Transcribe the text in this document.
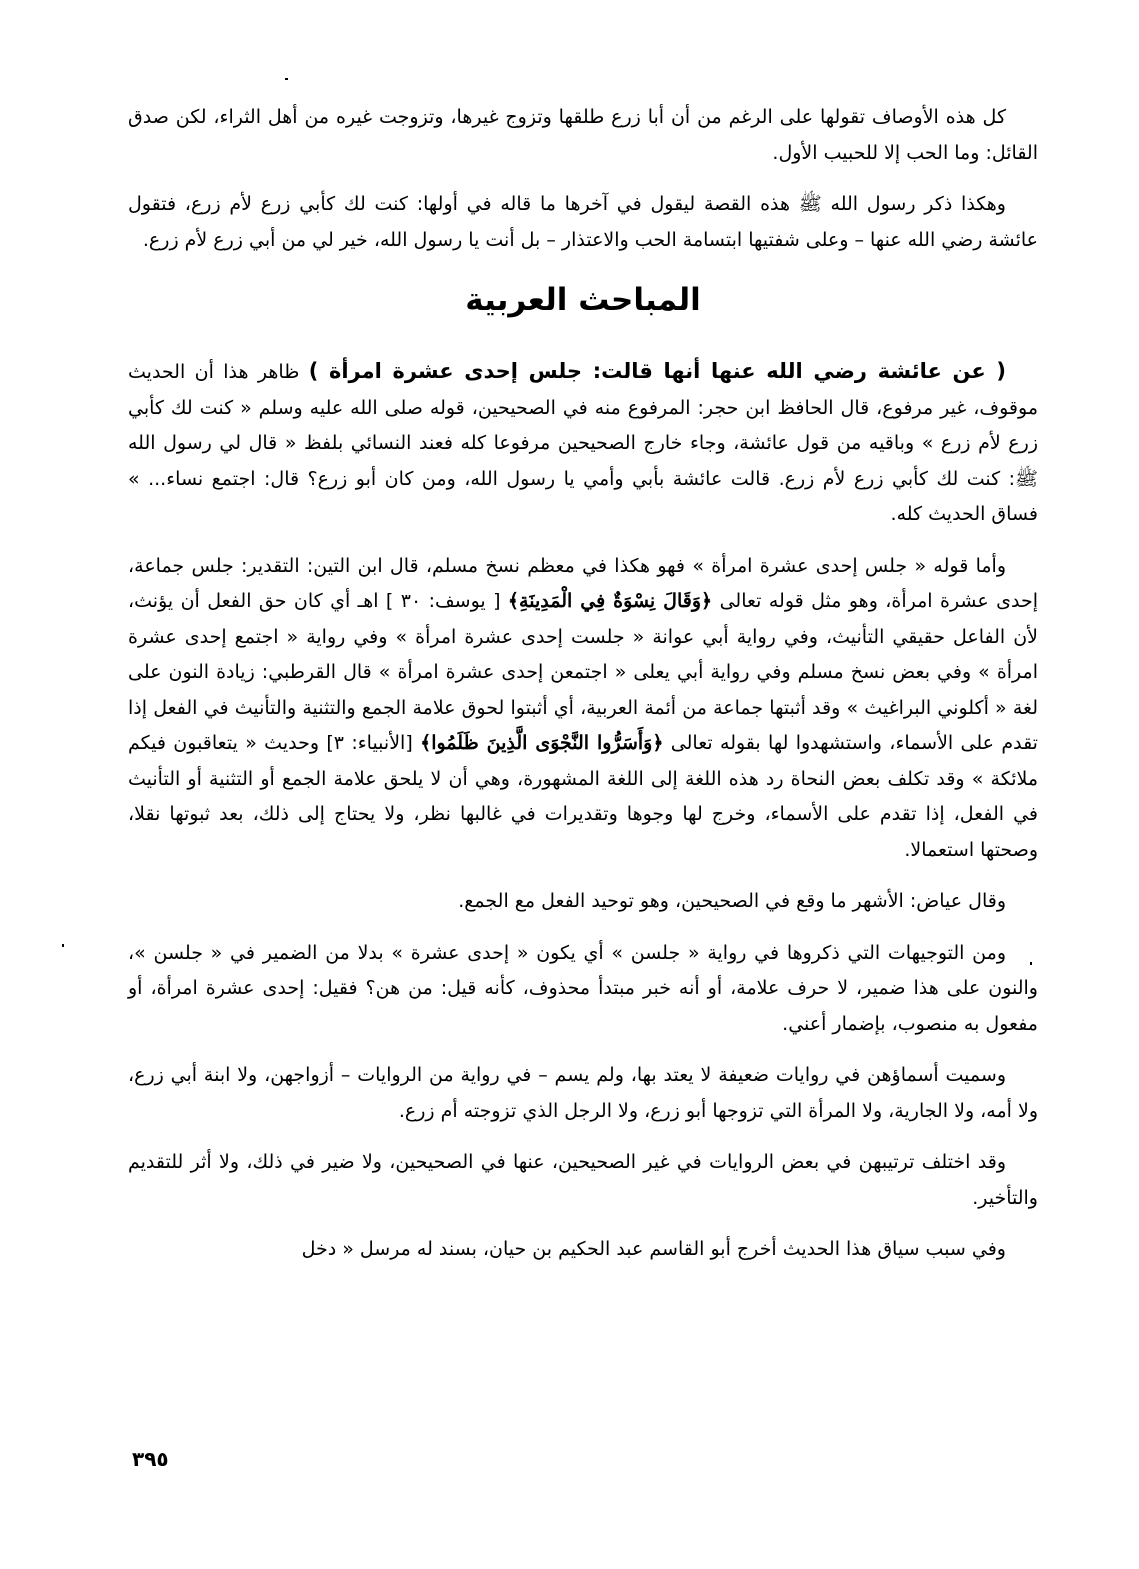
كل هذه الأوصاف تقولها على الرغم من أن أبا زرع طلقها وتزوج غيرها، وتزوجت غيره من أهل الثراء، لكن صدق القائل: وما الحب إلا للحبيب الأول.

وهكذا ذكر رسول الله ﷺ هذه القصة ليقول في آخرها ما قاله في أولها: كنت لك كأبي زرع لأم زرع، فتقول عائشة رضي الله عنها – وعلى شفتيها ابتسامة الحب والاعتذار – بل أنت يا رسول الله، خير لي من أبي زرع لأم زرع.

المباحث العربية

( عن عائشة رضي الله عنها أنها قالت: جلس إحدى عشرة امرأة ) ظاهر هذا أن الحديث موقوف، غير مرفوع، قال الحافظ ابن حجر: المرفوع منه في الصحيحين، قوله صلى الله عليه وسلم « كنت لك كأبي زرع لأم زرع » وباقيه من قول عائشة، وجاء خارج الصحيحين مرفوعا كله فعند النسائي بلفظ « قال لي رسول الله ﷺ: كنت لك كأبي زرع لأم زرع. قالت عائشة بأبي وأمي يا رسول الله، ومن كان أبو زرع؟ قال: اجتمع نساء... » فساق الحديث كله.

وأما قوله « جلس إحدى عشرة امرأة » فهو هكذا في معظم نسخ مسلم، قال ابن التين: التقدير: جلس جماعة، إحدى عشرة امرأة، وهو مثل قوله تعالى ﴿وَقَالَ نِسْوَةٌ فِي الْمَدِينَةِ﴾ [ يوسف: ٣٠ ] اهـ أي كان حق الفعل أن يؤنث، لأن الفاعل حقيقي التأنيث، وفي رواية أبي عوانة « جلست إحدى عشرة امرأة » وفي رواية « اجتمع إحدى عشرة امرأة » وفي بعض نسخ مسلم وفي رواية أبي يعلى « اجتمعن إحدى عشرة امرأة » قال القرطبي: زيادة النون على لغة « أكلوني البراغيث » وقد أثبتها جماعة من أئمة العربية، أي أثبتوا لحوق علامة الجمع والتثنية والتأنيث في الفعل إذا تقدم على الأسماء، واستشهدوا لها بقوله تعالى ﴿وَأَسَرُّوا النَّجْوَى الَّذِينَ ظَلَمُوا﴾ [الأنبياء: ٣] وحديث « يتعاقبون فيكم ملائكة » وقد تكلف بعض النحاة رد هذه اللغة إلى اللغة المشهورة، وهي أن لا يلحق علامة الجمع أو التثنية أو التأنيث في الفعل، إذا تقدم على الأسماء، وخرج لها وجوها وتقديرات في غالبها نظر، ولا يحتاج إلى ذلك، بعد ثبوتها نقلا، وصحتها استعمالا.

وقال عياض: الأشهر ما وقع في الصحيحين، وهو توحيد الفعل مع الجمع.

ومن التوجيهات التي ذكروها في رواية « جلسن » أي يكون « إحدى عشرة » بدلا من الضمير في « جلسن »، والنون على هذا ضمير، لا حرف علامة، أو أنه خبر مبتدأ محذوف، كأنه قيل: من هن؟ فقيل: إحدى عشرة امرأة، أو مفعول به منصوب، بإضمار أعني.

وسميت أسماؤهن في روايات ضعيفة لا يعتد بها، ولم يسم – في رواية من الروايات – أزواجهن، ولا ابنة أبي زرع، ولا أمه، ولا الجارية، ولا المرأة التي تزوجها أبو زرع، ولا الرجل الذي تزوجته أم زرع.

وقد اختلف ترتيبهن في بعض الروايات في غير الصحيحين، عنها في الصحيحين، ولا ضير في ذلك، ولا أثر للتقديم والتأخير.

وفي سبب سياق هذا الحديث أخرج أبو القاسم عبد الحكيم بن حيان، بسند له مرسل « دخل

٣٩٥
